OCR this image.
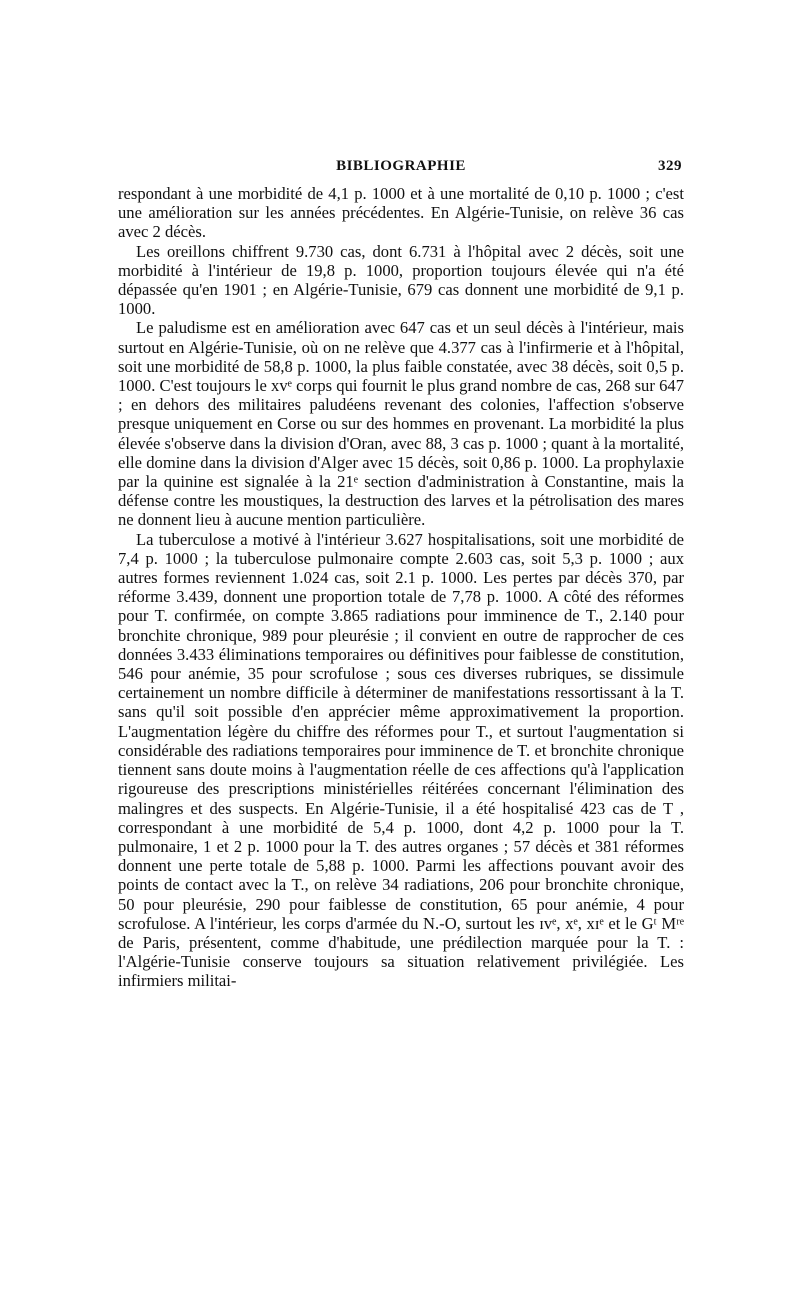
BIBLIOGRAPHIE	329

respondant à une morbidité de 4,1 p. 1000 et à une mortalité de 0,10 p. 1000 ; c'est une amélioration sur les années précédentes. En Algérie-Tunisie, on relève 36 cas avec 2 décès.

Les oreillons chiffrent 9.730 cas, dont 6.731 à l'hôpital avec 2 décès, soit une morbidité à l'intérieur de 19,8 p. 1000, proportion toujours élevée qui n'a été dépassée qu'en 1901 ; en Algérie-Tunisie, 679 cas donnent une morbidité de 9,1 p. 1000.

Le paludisme est en amélioration avec 647 cas et un seul décès à l'intérieur, mais surtout en Algérie-Tunisie, où on ne relève que 4.377 cas à l'infirmerie et à l'hôpital, soit une morbidité de 58,8 p. 1000, la plus faible constatée, avec 38 décès, soit 0,5 p. 1000. C'est toujours le xvᵉ corps qui fournit le plus grand nombre de cas, 268 sur 647 ; en dehors des militaires paludéens revenant des colonies, l'affection s'observe presque uniquement en Corse ou sur des hommes en provenant. La morbidité la plus élevée s'observe dans la division d'Oran, avec 88, 3 cas p. 1000 ; quant à la mortalité, elle domine dans la division d'Alger avec 15 décès, soit 0,86 p. 1000. La prophylaxie par la quinine est signalée à la 21ᵉ section d'administration à Constantine, mais la défense contre les moustiques, la destruction des larves et la pétrolisation des mares ne donnent lieu à aucune mention particulière.

La tuberculose a motivé à l'intérieur 3.627 hospitalisations, soit une morbidité de 7,4 p. 1000 ; la tuberculose pulmonaire compte 2.603 cas, soit 5,3 p. 1000 ; aux autres formes reviennent 1.024 cas, soit 2.1 p. 1000. Les pertes par décès 370, par réforme 3.439, donnent une proportion totale de 7,78 p. 1000. A côté des réformes pour T. confirmée, on compte 3.865 radiations pour imminence de T., 2.140 pour bronchite chronique, 989 pour pleurésie ; il convient en outre de rapprocher de ces données 3.433 éliminations temporaires ou définitives pour faiblesse de constitution, 546 pour anémie, 35 pour scrofulose ; sous ces diverses rubriques, se dissimule certainement un nombre difficile à déterminer de manifestations ressortissant à la T. sans qu'il soit possible d'en apprécier même approximativement la proportion. L'augmentation légère du chiffre des réformes pour T., et surtout l'augmentation si considérable des radiations temporaires pour imminence de T. et bronchite chronique tiennent sans doute moins à l'augmentation réelle de ces affections qu'à l'application rigoureuse des prescriptions ministérielles réitérées concernant l'élimination des malingres et des suspects. En Algérie-Tunisie, il a été hospitalisé 423 cas de T , correspondant à une morbidité de 5,4 p. 1000, dont 4,2 p. 1000 pour la T. pulmonaire, 1 et 2 p. 1000 pour la T. des autres organes ; 57 décès et 381 réformes donnent une perte totale de 5,88 p. 1000. Parmi les affections pouvant avoir des points de contact avec la T., on relève 34 radiations, 206 pour bronchite chronique, 50 pour pleurésie, 290 pour faiblesse de constitution, 65 pour anémie, 4 pour scrofulose. A l'intérieur, les corps d'armée du N.-O, surtout les ɪvᵉ, xᵉ, xɪᵉ et le Gᵗ Mʳᵉ de Paris, présentent, comme d'habitude, une prédilection marquée pour la T. : l'Algérie-Tunisie conserve toujours sa situation relativement privilégiée. Les infirmiers militai-
